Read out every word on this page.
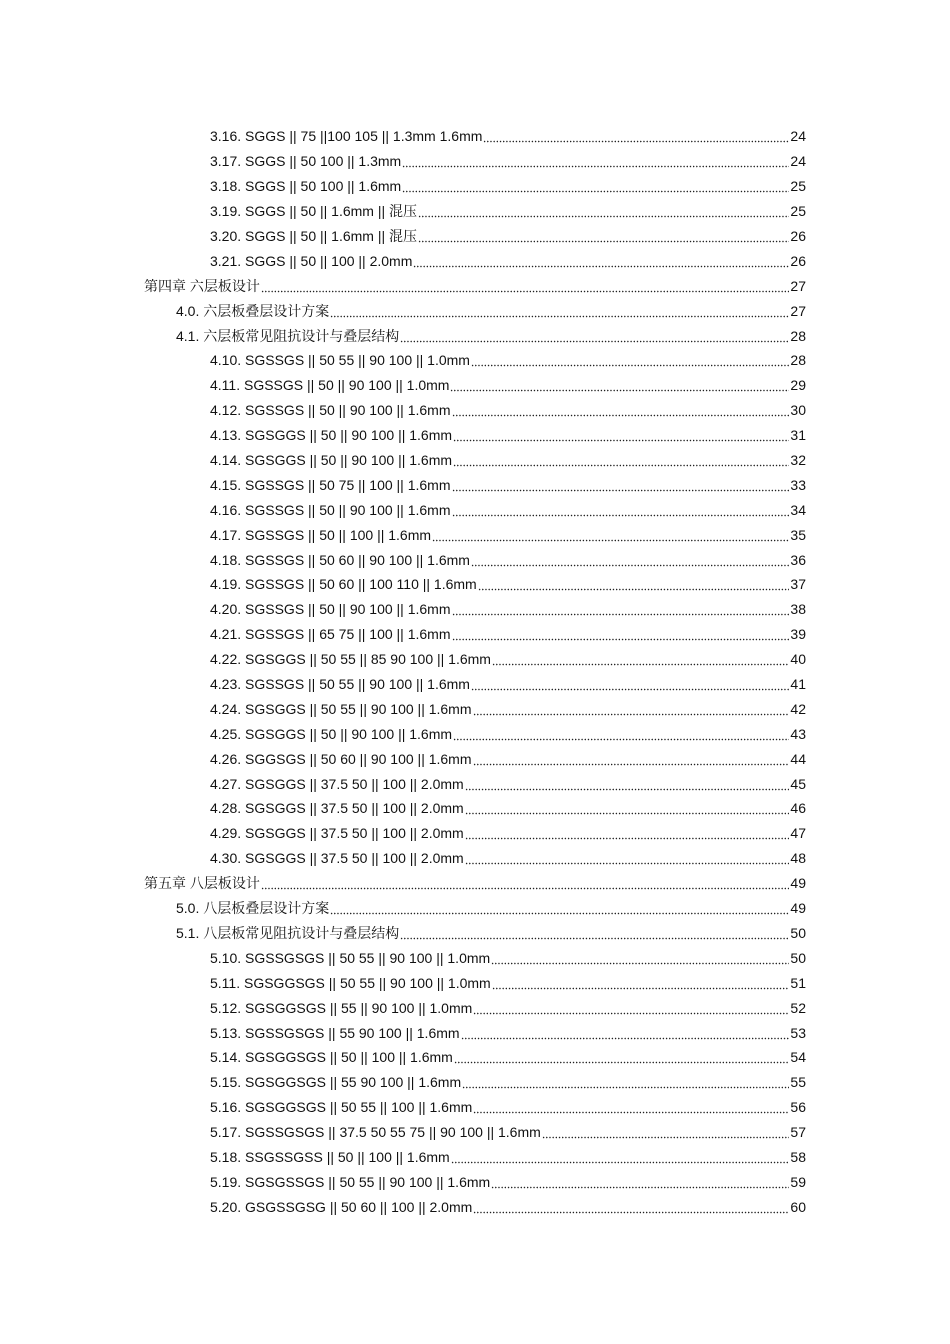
3.16. SGGS || 75 ||100 105 || 1.3mm 1.6mm	24
3.17. SGGS || 50 100 || 1.3mm	24
3.18. SGGS || 50 100 || 1.6mm	25
3.19. SGGS || 50 || 1.6mm || 混压	25
3.20. SGGS || 50 || 1.6mm || 混压	26
3.21. SGGS || 50 || 100 || 2.0mm	26
第四章 六层板设计	27
4.0. 六层板叠层设计方案	27
4.1. 六层板常见阻抗设计与叠层结构	28
4.10. SGSSGS || 50 55 || 90 100 || 1.0mm	28
4.11. SGSSGS || 50 || 90 100 || 1.0mm	29
4.12. SGSSGS || 50 || 90 100 || 1.6mm	30
4.13. SGSGGS || 50 || 90 100 || 1.6mm	31
4.14. SGSGGS || 50 || 90 100 || 1.6mm	32
4.15. SGSSGS || 50 75 || 100 || 1.6mm	33
4.16. SGSSGS || 50 || 90 100 || 1.6mm	34
4.17. SGSSGS || 50 || 100 || 1.6mm	35
4.18. SGSSGS || 50 60 || 90 100 || 1.6mm	36
4.19. SGSSGS || 50 60 || 100 110 || 1.6mm	37
4.20. SGSSGS || 50 || 90 100 || 1.6mm	38
4.21. SGSSGS || 65 75 || 100 || 1.6mm	39
4.22. SGSGGS || 50 55 || 85 90 100 || 1.6mm	40
4.23. SGSSGS || 50 55 || 90 100 || 1.6mm	41
4.24. SGSGGS || 50 55 || 90 100 || 1.6mm	42
4.25. SGSGGS || 50 || 90 100 || 1.6mm	43
4.26. SGGSGS || 50 60 || 90 100 || 1.6mm	44
4.27. SGSGGS || 37.5 50 || 100 || 2.0mm	45
4.28. SGSGGS || 37.5 50 || 100 || 2.0mm	46
4.29. SGSGGS || 37.5 50 || 100 || 2.0mm	47
4.30. SGSGGS || 37.5 50 || 100 || 2.0mm	48
第五章 八层板设计	49
5.0. 八层板叠层设计方案	49
5.1. 八层板常见阻抗设计与叠层结构	50
5.10. SGSSGSGS || 50 55 || 90 100 || 1.0mm	50
5.11. SGSGGSGS || 50 55 || 90 100 || 1.0mm	51
5.12. SGSGGSGS || 55 || 90 100 || 1.0mm	52
5.13. SGSSGSGS || 55 90 100 || 1.6mm	53
5.14. SGSGGSGS || 50 || 100 || 1.6mm	54
5.15. SGSGGSGS || 55 90 100 || 1.6mm	55
5.16. SGSGGSGS || 50 55 || 100 || 1.6mm	56
5.17. SGSSGSGS || 37.5 50 55 75 || 90 100 || 1.6mm	57
5.18. SSGSSGSS || 50 || 100 || 1.6mm	58
5.19. SGSGSSGS || 50 55 || 90 100 || 1.6mm	59
5.20. GSGSSGSG || 50 60 || 100 || 2.0mm	60
